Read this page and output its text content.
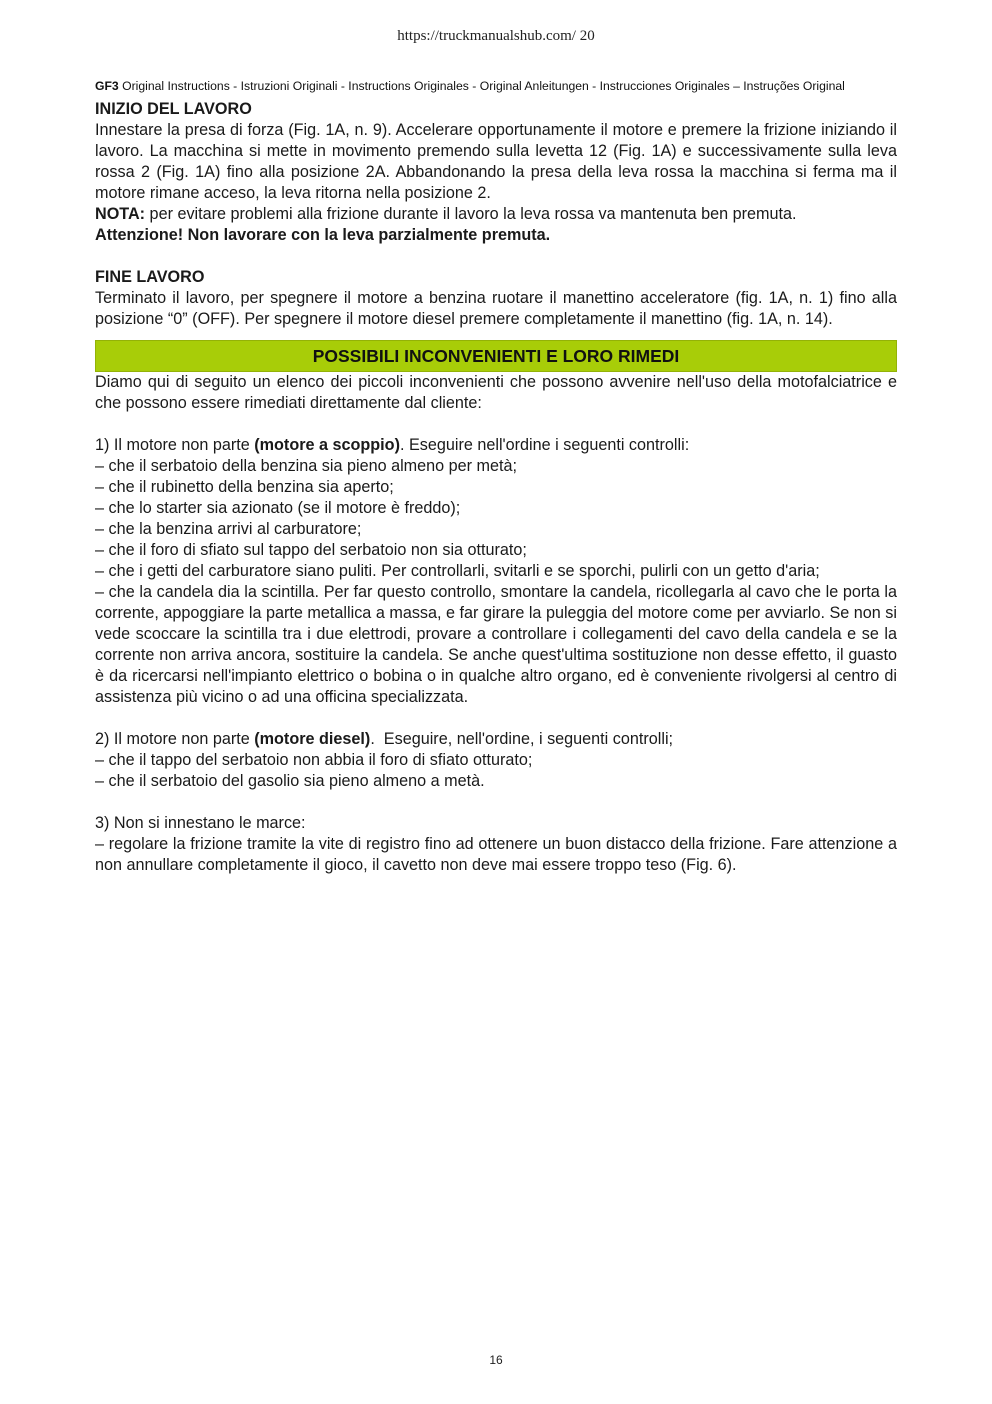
https://truckmanualshub.com/ 20
GF3 Original Instructions - Istruzioni Originali - Instructions Originales - Original Anleitungen - Instrucciones Originales – Instruções Original
INIZIO DEL LAVORO

Innestare la presa di forza (Fig. 1A, n. 9). Accelerare opportunamente il motore e premere la frizione iniziando il lavoro. La macchina si mette in movimento premendo sulla levetta 12 (Fig. 1A) e successivamente sulla leva rossa 2 (Fig. 1A) fino alla posizione 2A. Abbandonando la presa della leva rossa la macchina si ferma ma il motore rimane acceso, la leva ritorna nella posizione 2.

NOTA: per evitare problemi alla frizione durante il lavoro la leva rossa va mantenuta ben premuta.

Attenzione! Non lavorare con la leva parzialmente premuta.

FINE LAVORO

Terminato il lavoro, per spegnere il motore a benzina ruotare il manettino acceleratore (fig. 1A, n. 1) fino alla posizione “0” (OFF). Per spegnere il motore diesel premere completamente il manettino (fig. 1A, n. 14).

POSSIBILI INCONVENIENTI E LORO RIMEDI

Diamo qui di seguito un elenco dei piccoli inconvenienti che possono avvenire nell'uso della motofalciatrice e che possono essere rimediati direttamente dal cliente:

1) Il motore non parte (motore a scoppio). Eseguire nell'ordine i seguenti controlli:

– che il serbatoio della benzina sia pieno almeno per metà;

– che il rubinetto della benzina sia aperto;

– che lo starter sia azionato (se il motore è freddo);

– che la benzina arrivi al carburatore;

– che il foro di sfiato sul tappo del serbatoio non sia otturato;

– che i getti del carburatore siano puliti. Per controllarli, svitarli e se sporchi, pulirli con un getto d'aria;

– che la candela dia la scintilla. Per far questo controllo, smontare la candela, ricollegarla al cavo che le porta la corrente, appoggiare la parte metallica a massa, e far girare la puleggia del motore come per avviarlo. Se non si vede scoccare la scintilla tra i due elettrodi, provare a controllare i collegamenti del cavo della candela e se la corrente non arriva ancora, sostituire la candela. Se anche quest'ultima sostituzione non desse effetto, il guasto è da ricercarsi nell'impianto elettrico o bobina o in qualche altro organo, ed è conveniente rivolgersi al centro di assistenza più vicino o ad una officina specializzata.

2) Il motore non parte (motore diesel).  Eseguire, nell'ordine, i seguenti controlli;

– che il tappo del serbatoio non abbia il foro di sfiato otturato;

– che il serbatoio del gasolio sia pieno almeno a metà.

3) Non si innestano le marce:

– regolare la frizione tramite la vite di registro fino ad ottenere un buon distacco della frizione. Fare attenzione a non annullare completamente il gioco, il cavetto non deve mai essere troppo teso (Fig. 6).

16
